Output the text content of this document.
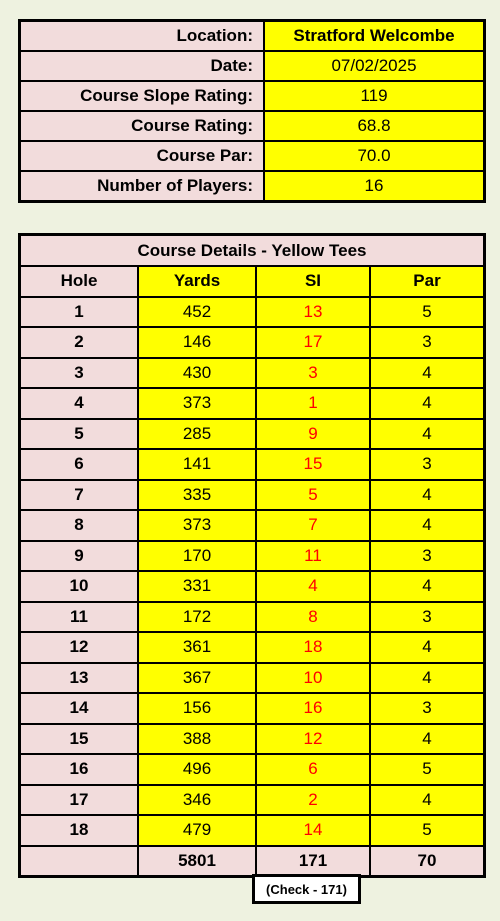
Location:	Stratford Welcombe
Date:	07/02/2025
Course Slope Rating:	119
Course Rating:	68.8
Course Par:	70.0
Number of Players:	16
Course Details - Yellow Tees			
Hole	Yards	SI	Par
1	452	13	5
2	146	17	3
3	430	3	4
4	373	1	4
5	285	9	4
6	141	15	3
7	335	5	4
8	373	7	4
9	170	11	3
10	331	4	4
11	172	8	3
12	361	18	4
13	367	10	4
14	156	16	3
15	388	12	4
16	496	6	5
17	346	2	4
18	479	14	5
	5801	171	70
(Check - 171)
